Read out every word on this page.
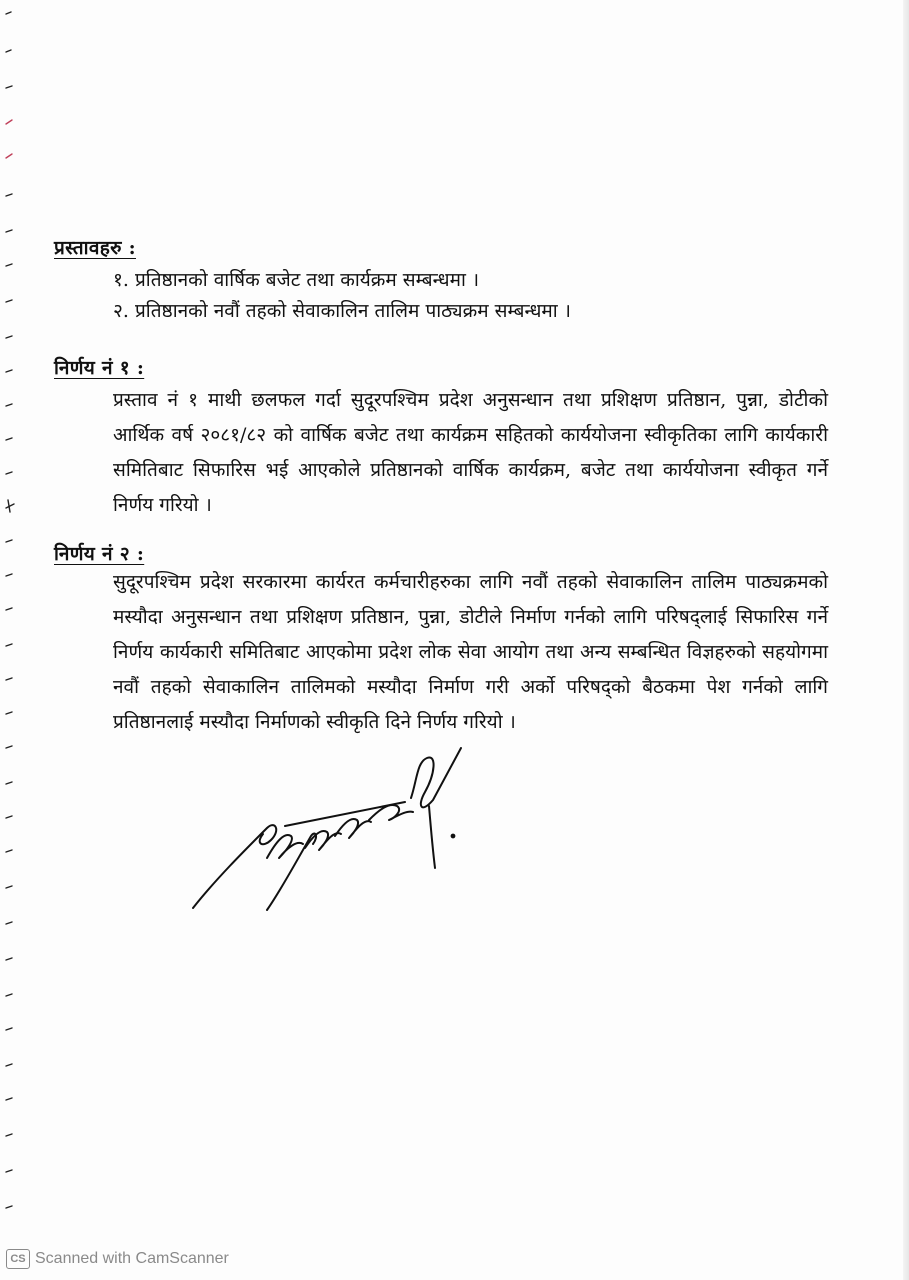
प्रस्तावहरु :
१. प्रतिष्ठानको वार्षिक बजेट तथा कार्यक्रम सम्बन्धमा ।
२. प्रतिष्ठानको नवौं तहको सेवाकालिन तालिम पाठ्यक्रम सम्बन्धमा ।
निर्णय नं १ :
प्रस्ताव नं १ माथी छलफल गर्दा सुदूरपश्चिम प्रदेश अनुसन्धान तथा प्रशिक्षण प्रतिष्ठान, पुन्ना, डोटीको आर्थिक वर्ष २०८१/८२ को वार्षिक बजेट तथा कार्यक्रम सहितको कार्ययोजना स्वीकृतिका लागि कार्यकारी समितिबाट सिफारिस भई आएकोले प्रतिष्ठानको वार्षिक कार्यक्रम, बजेट तथा कार्ययोजना स्वीकृत गर्ने निर्णय गरियो ।
निर्णय नं २ :
सुदूरपश्चिम प्रदेश सरकारमा कार्यरत कर्मचारीहरुका लागि नवौं तहको सेवाकालिन तालिम पाठ्यक्रमको मस्यौदा अनुसन्धान तथा प्रशिक्षण प्रतिष्ठान, पुन्ना, डोटीले निर्माण गर्नको लागि परिषद्लाई सिफारिस गर्ने निर्णय कार्यकारी समितिबाट आएकोमा प्रदेश लोक सेवा आयोग तथा अन्य सम्बन्धित विज्ञहरुको सहयोगमा नवौं तहको सेवाकालिन तालिमको मस्यौदा निर्माण गरी अर्को परिषद्को बैठकमा पेश गर्नको लागि प्रतिष्ठानलाई मस्यौदा निर्माणको स्वीकृति दिने निर्णय गरियो ।
CS Scanned with CamScanner
